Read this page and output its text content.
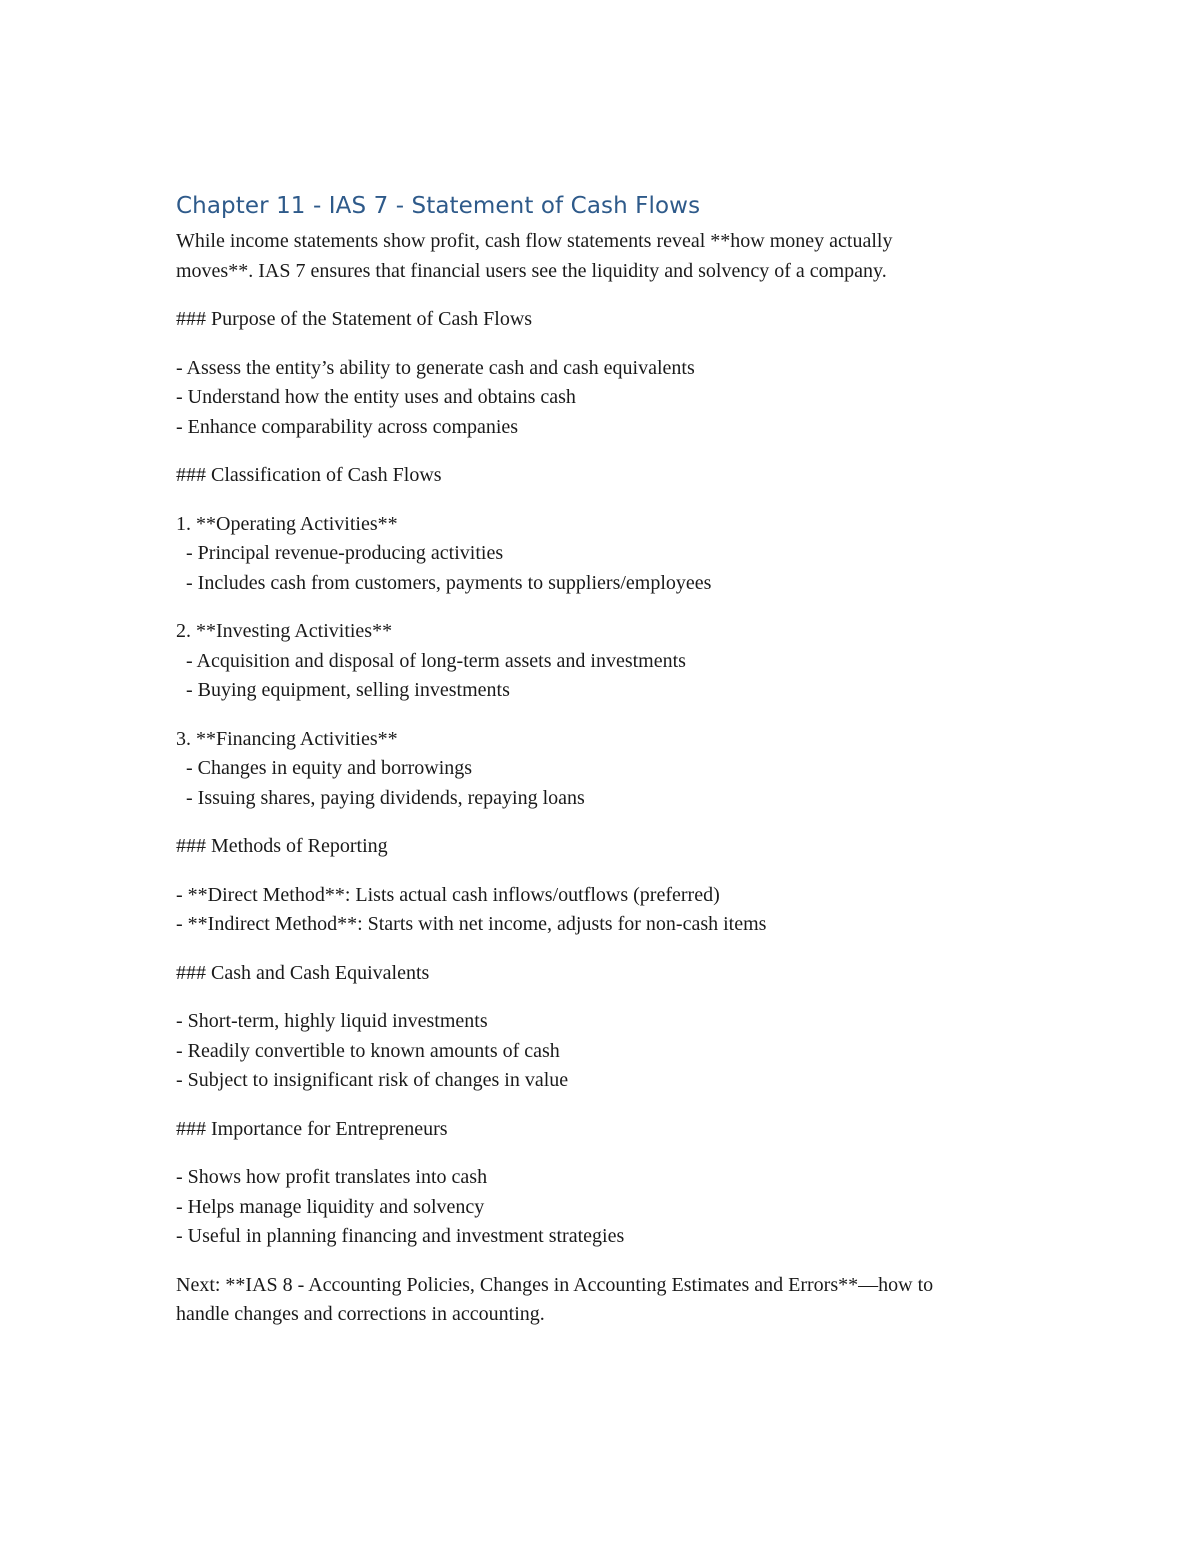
Chapter 11 - IAS 7 - Statement of Cash Flows
While income statements show profit, cash flow statements reveal **how money actually
moves**. IAS 7 ensures that financial users see the liquidity and solvency of a company.
### Purpose of the Statement of Cash Flows
- Assess the entity’s ability to generate cash and cash equivalents
- Understand how the entity uses and obtains cash
- Enhance comparability across companies
### Classification of Cash Flows
1. **Operating Activities**
- Principal revenue-producing activities
- Includes cash from customers, payments to suppliers/employees
2. **Investing Activities**
- Acquisition and disposal of long-term assets and investments
- Buying equipment, selling investments
3. **Financing Activities**
- Changes in equity and borrowings
- Issuing shares, paying dividends, repaying loans
### Methods of Reporting
- **Direct Method**: Lists actual cash inflows/outflows (preferred)
- **Indirect Method**: Starts with net income, adjusts for non-cash items
### Cash and Cash Equivalents
- Short-term, highly liquid investments
- Readily convertible to known amounts of cash
- Subject to insignificant risk of changes in value
### Importance for Entrepreneurs
- Shows how profit translates into cash
- Helps manage liquidity and solvency
- Useful in planning financing and investment strategies
Next: **IAS 8 - Accounting Policies, Changes in Accounting Estimates and Errors**—how to
handle changes and corrections in accounting.
